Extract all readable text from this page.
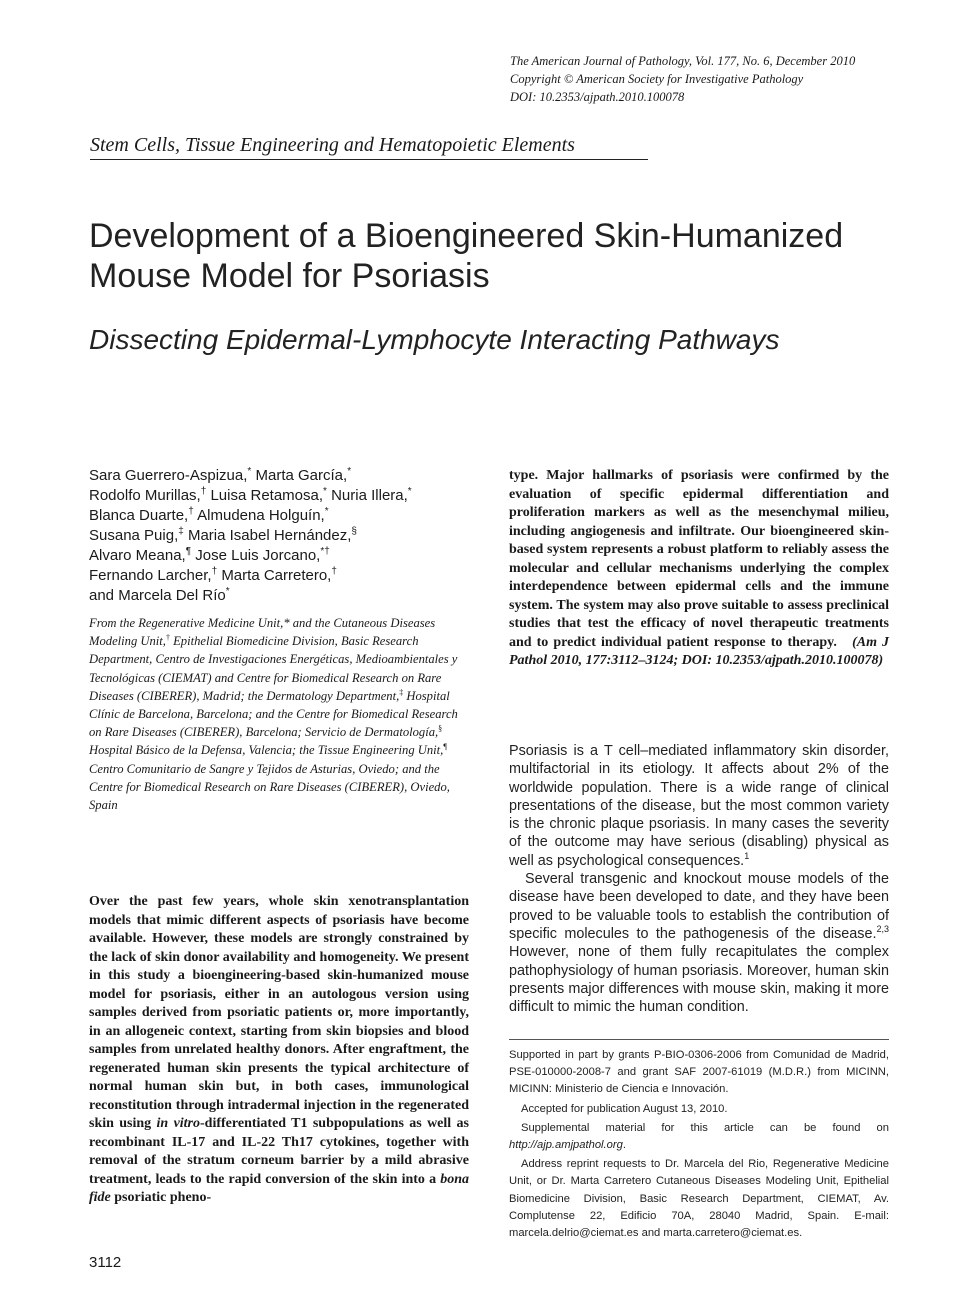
The American Journal of Pathology, Vol. 177, No. 6, December 2010
Copyright © American Society for Investigative Pathology
DOI: 10.2353/ajpath.2010.100078
Stem Cells, Tissue Engineering and Hematopoietic Elements
Development of a Bioengineered Skin-Humanized Mouse Model for Psoriasis
Dissecting Epidermal-Lymphocyte Interacting Pathways
Sara Guerrero-Aspizua,* Marta García,*
Rodolfo Murillas,† Luisa Retamosa,* Nuria Illera,*
Blanca Duarte,† Almudena Holguín,*
Susana Puig,‡ Maria Isabel Hernández,§
Alvaro Meana,¶ Jose Luis Jorcano,*†
Fernando Larcher,† Marta Carretero,†
and Marcela Del Río*
From the Regenerative Medicine Unit,* and the Cutaneous Diseases Modeling Unit,† Epithelial Biomedicine Division, Basic Research Department, Centro de Investigaciones Energéticas, Medioambientales y Tecnológicas (CIEMAT) and Centre for Biomedical Research on Rare Diseases (CIBERER), Madrid; the Dermatology Department,‡ Hospital Clínic de Barcelona, Barcelona; and the Centre for Biomedical Research on Rare Diseases (CIBERER), Barcelona; Servicio de Dermatología,§ Hospital Básico de la Defensa, Valencia; the Tissue Engineering Unit,¶ Centro Comunitario de Sangre y Tejidos de Asturias, Oviedo; and the Centre for Biomedical Research on Rare Diseases (CIBERER), Oviedo, Spain
Over the past few years, whole skin xenotransplantation models that mimic different aspects of psoriasis have become available. However, these models are strongly constrained by the lack of skin donor availability and homogeneity. We present in this study a bioengineering-based skin-humanized mouse model for psoriasis, either in an autologous version using samples derived from psoriatic patients or, more importantly, in an allogeneic context, starting from skin biopsies and blood samples from unrelated healthy donors. After engraftment, the regenerated human skin presents the typical architecture of normal human skin but, in both cases, immunological reconstitution through intradermal injection in the regenerated skin using in vitro-differentiated T1 subpopulations as well as recombinant IL-17 and IL-22 Th17 cytokines, together with removal of the stratum corneum barrier by a mild abrasive treatment, leads to the rapid conversion of the skin into a bona fide psoriatic pheno-
type. Major hallmarks of psoriasis were confirmed by the evaluation of specific epidermal differentiation and proliferation markers as well as the mesenchymal milieu, including angiogenesis and infiltrate. Our bioengineered skin-based system represents a robust platform to reliably assess the molecular and cellular mechanisms underlying the complex interdependence between epidermal cells and the immune system. The system may also prove suitable to assess preclinical studies that test the efficacy of novel therapeutic treatments and to predict individual patient response to therapy. (Am J Pathol 2010, 177:3112–3124; DOI: 10.2353/ajpath.2010.100078)

Psoriasis is a T cell–mediated inflammatory skin disorder, multifactorial in its etiology. It affects about 2% of the worldwide population. There is a wide range of clinical presentations of the disease, but the most common variety is the chronic plaque psoriasis. In many cases the severity of the outcome may have serious (disabling) physical as well as psychological consequences.$^1$

Several transgenic and knockout mouse models of the disease have been developed to date, and they have been proved to be valuable tools to establish the contribution of specific molecules to the pathogenesis of the disease.$^{2,3}$ However, none of them fully recapitulates the complex pathophysiology of human psoriasis. Moreover, human skin presents major differences with mouse skin, making it more difficult to mimic the human condition.

Supported in part by grants P-BIO-0306-2006 from Comunidad de Madrid, PSE-010000-2008-7 and grant SAF 2007-61019 (M.D.R.) from MICINN, MICINN: Ministerio de Ciencia e Innovación.

Accepted for publication August 13, 2010.

Supplemental material for this article can be found on http://ajp.amjpathol.org.

Address reprint requests to Dr. Marcela del Rio, Regenerative Medicine Unit, or Dr. Marta Carretero Cutaneous Diseases Modeling Unit, Epithelial Biomedicine Division, Basic Research Department, CIEMAT, Av. Complutense 22, Edificio 70A, 28040 Madrid, Spain. E-mail: marcela.delrio@ciemat.es and marta.carretero@ciemat.es.

3112
